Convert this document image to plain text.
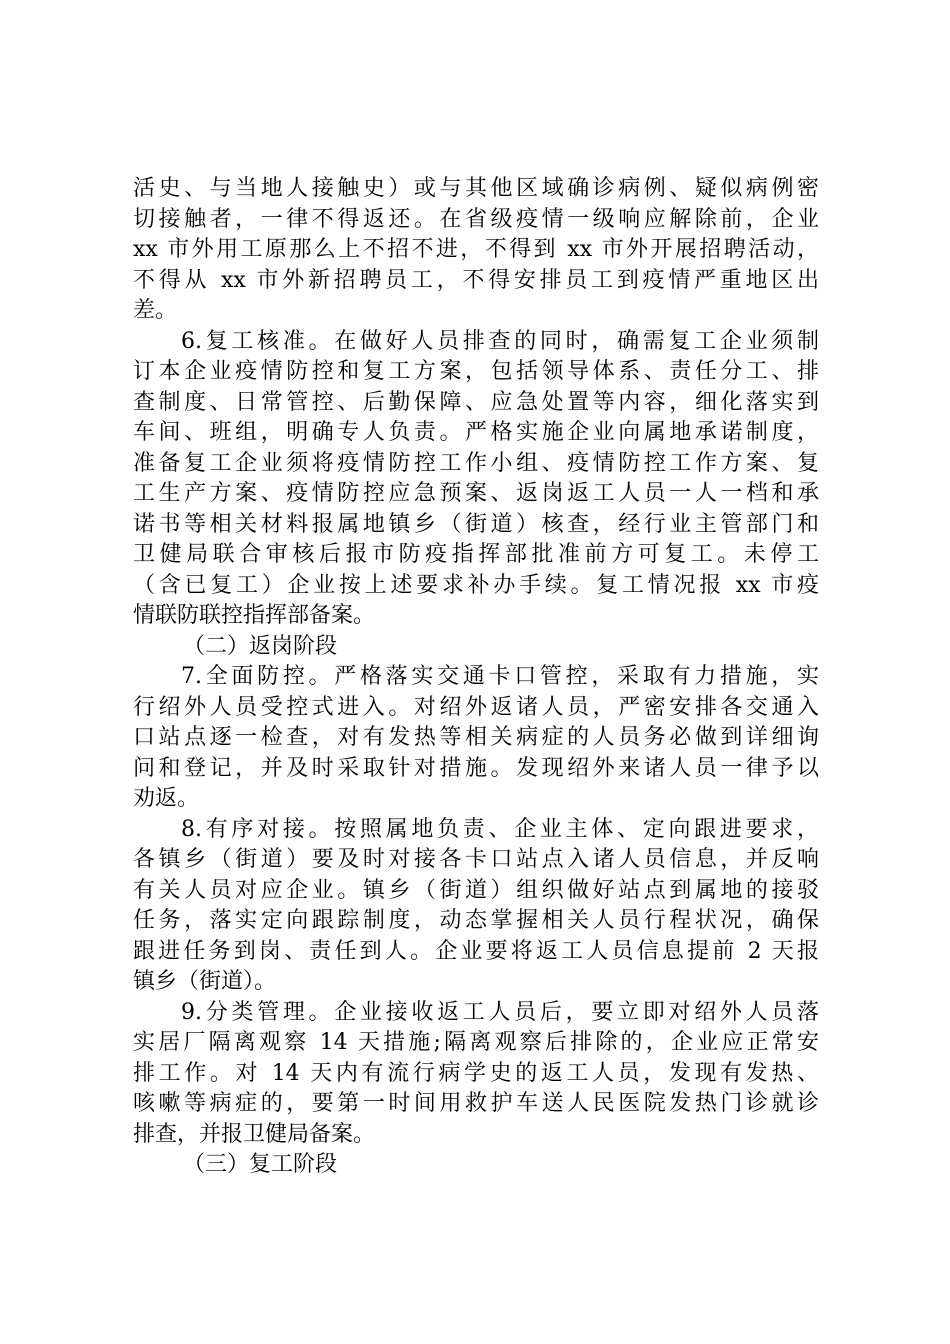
活史、与当地人接触史）或与其他区域确诊病例、疑似病例密
切接触者，一律不得返还。在省级疫情一级响应解除前，企业
xx 市外用工原那么上不招不进，不得到 xx 市外开展招聘活动，
不得从 xx 市外新招聘员工，不得安排员工到疫情严重地区出
差。
6.复工核准。在做好人员排查的同时，确需复工企业须制
订本企业疫情防控和复工方案，包括领导体系、责任分工、排
查制度、日常管控、后勤保障、应急处置等内容，细化落实到
车间、班组，明确专人负责。严格实施企业向属地承诺制度，
准备复工企业须将疫情防控工作小组、疫情防控工作方案、复
工生产方案、疫情防控应急预案、返岗返工人员一人一档和承
诺书等相关材料报属地镇乡（街道）核查，经行业主管部门和
卫健局联合审核后报市防疫指挥部批准前方可复工。未停工
（含已复工）企业按上述要求补办手续。复工情况报 xx 市疫
情联防联控指挥部备案。
（二）返岗阶段
7.全面防控。严格落实交通卡口管控，采取有力措施，实
行绍外人员受控式进入。对绍外返诸人员，严密安排各交通入
口站点逐一检查，对有发热等相关病症的人员务必做到详细询
问和登记，并及时采取针对措施。发现绍外来诸人员一律予以
劝返。
8.有序对接。按照属地负责、企业主体、定向跟进要求，
各镇乡（街道）要及时对接各卡口站点入诸人员信息，并反响
有关人员对应企业。镇乡（街道）组织做好站点到属地的接驳
任务，落实定向跟踪制度，动态掌握相关人员行程状况，确保
跟进任务到岗、责任到人。企业要将返工人员信息提前 2 天报
镇乡（街道）。
9.分类管理。企业接收返工人员后，要立即对绍外人员落
实居厂隔离观察 14 天措施;隔离观察后排除的，企业应正常安
排工作。对 14 天内有流行病学史的返工人员，发现有发热、
咳嗽等病症的，要第一时间用救护车送人民医院发热门诊就诊
排查，并报卫健局备案。
（三）复工阶段
